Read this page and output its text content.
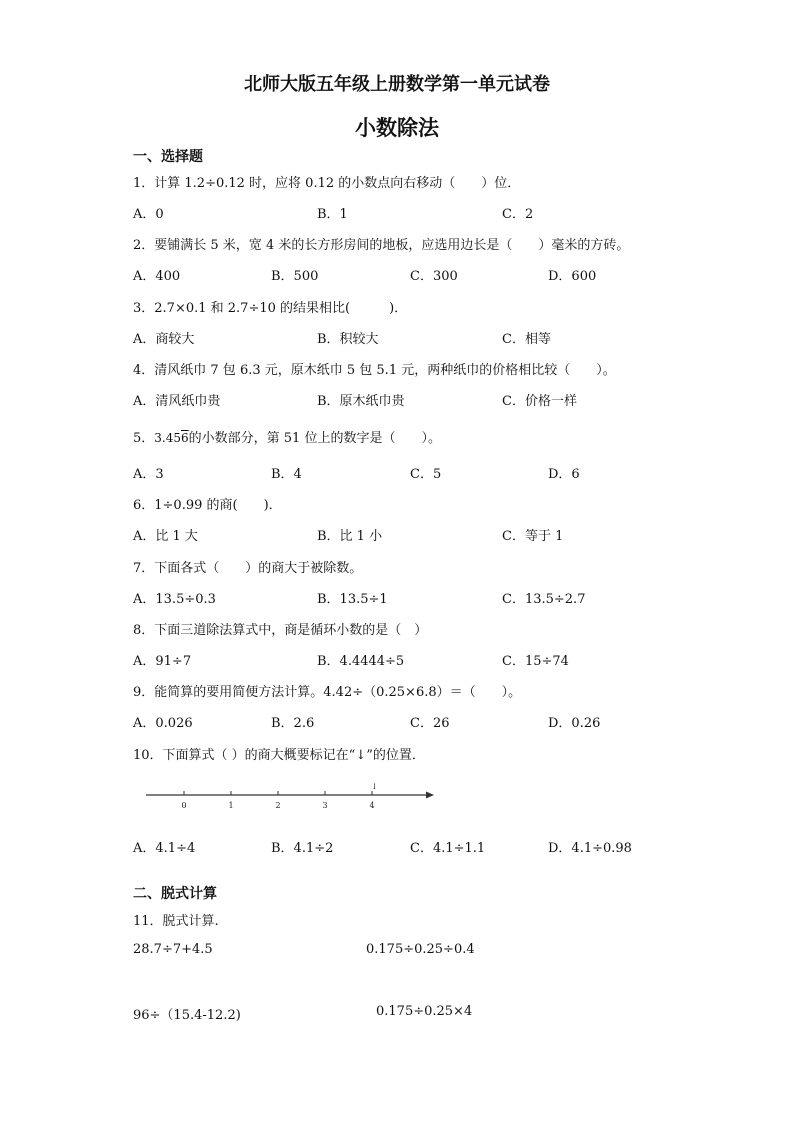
北师大版五年级上册数学第一单元试卷
小数除法
一、选择题
1．计算 1.2÷0.12 时，应将 0.12 的小数点向右移动（　　）位．
A．0	B．1	C．2
2．要铺满长 5 米，宽 4 米的长方形房间的地板，应选用边长是（　　）毫米的方砖。
A．400	B．500	C．300	D．600
3．2.7×0.1 和 2.7÷10 的结果相比(　　　)．
A．商较大	B．积较大	C．相等
4．清风纸巾 7 包 6.3 元，原木纸巾 5 包 5.1 元，两种纸巾的价格相比较（　　）。
A．清风纸巾贵	B．原木纸巾贵	C．价格一样
5．3.456的小数部分，第 51 位上的数字是（　　）。
A．3	B．4	C．5	D．6
6．1÷0.99 的商(　　)．
A．比 1 大	B．比 1 小	C．等于 1
7．下面各式（　　）的商大于被除数。
A．13.5÷0.3	B．13.5÷1	C．13.5÷2.7
8．下面三道除法算式中，商是循环小数的是（　）
A．91÷7	B．4.4444÷5	C．15÷74
9．能简算的要用简便方法计算。4.42÷（0.25×6.8）＝（　　）。
A．0.026	B．2.6	C．26	D．0.26
10．下面算式（ ）的商大概要标记在“↓”的位置．
0	1	2	3	4
↓
A．4.1÷4	B．4.1÷2	C．4.1÷1.1	D．4.1÷0.98
二、脱式计算
11．脱式计算.
28.7÷7+4.5	0.175÷0.25÷0.4
96÷（15.4-12.2)	0.175÷0.25×4
